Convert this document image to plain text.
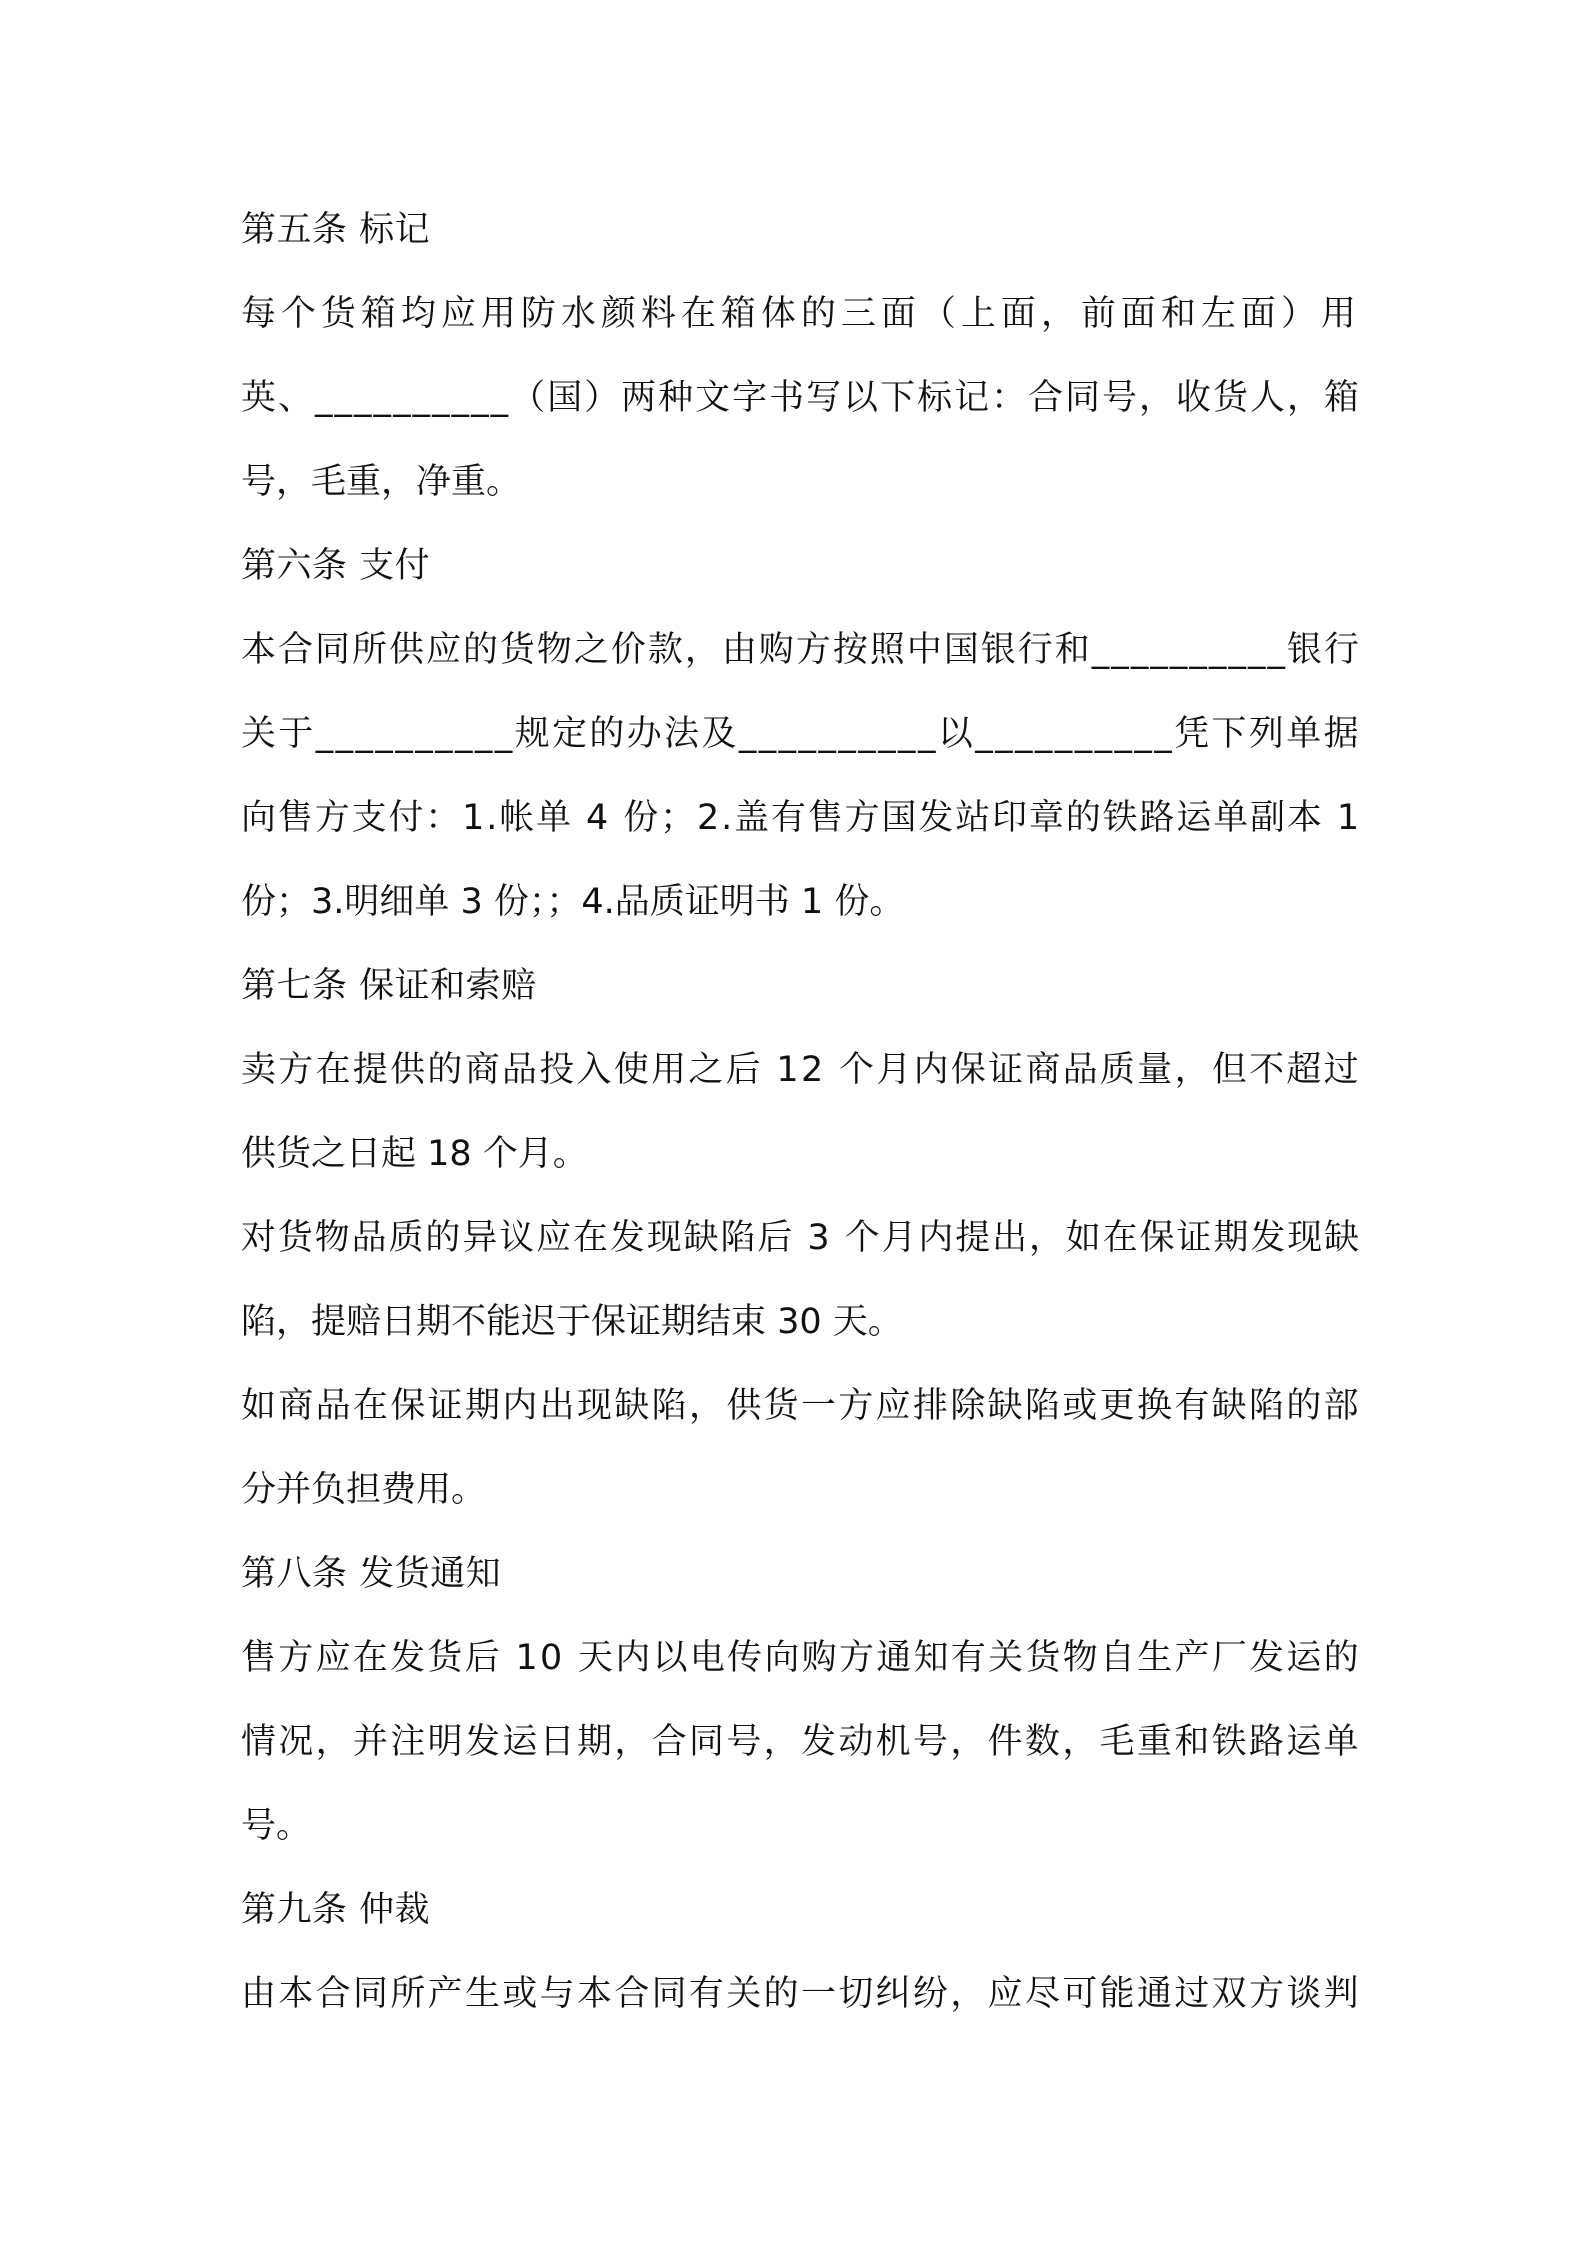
第五条 标记
每个货箱均应用防水颜料在箱体的三面（上面，前面和左面）用
英、__________（国）两种文字书写以下标记：合同号，收货人，箱
号，毛重，净重。
第六条 支付
本合同所供应的货物之价款，由购方按照中国银行和__________银行
关于__________规定的办法及__________以__________凭下列单据
向售方支付：1.帐单 4 份；2.盖有售方国发站印章的铁路运单副本 1
份；3.明细单 3 份；；4.品质证明书 1 份。
第七条 保证和索赔
卖方在提供的商品投入使用之后 12 个月内保证商品质量，但不超过
供货之日起 18 个月。
对货物品质的异议应在发现缺陷后 3 个月内提出，如在保证期发现缺
陷，提赔日期不能迟于保证期结束 30 天。
如商品在保证期内出现缺陷，供货一方应排除缺陷或更换有缺陷的部
分并负担费用。
第八条 发货通知
售方应在发货后 10 天内以电传向购方通知有关货物自生产厂发运的
情况，并注明发运日期，合同号，发动机号，件数，毛重和铁路运单
号。
第九条 仲裁
由本合同所产生或与本合同有关的一切纠纷，应尽可能通过双方谈判
